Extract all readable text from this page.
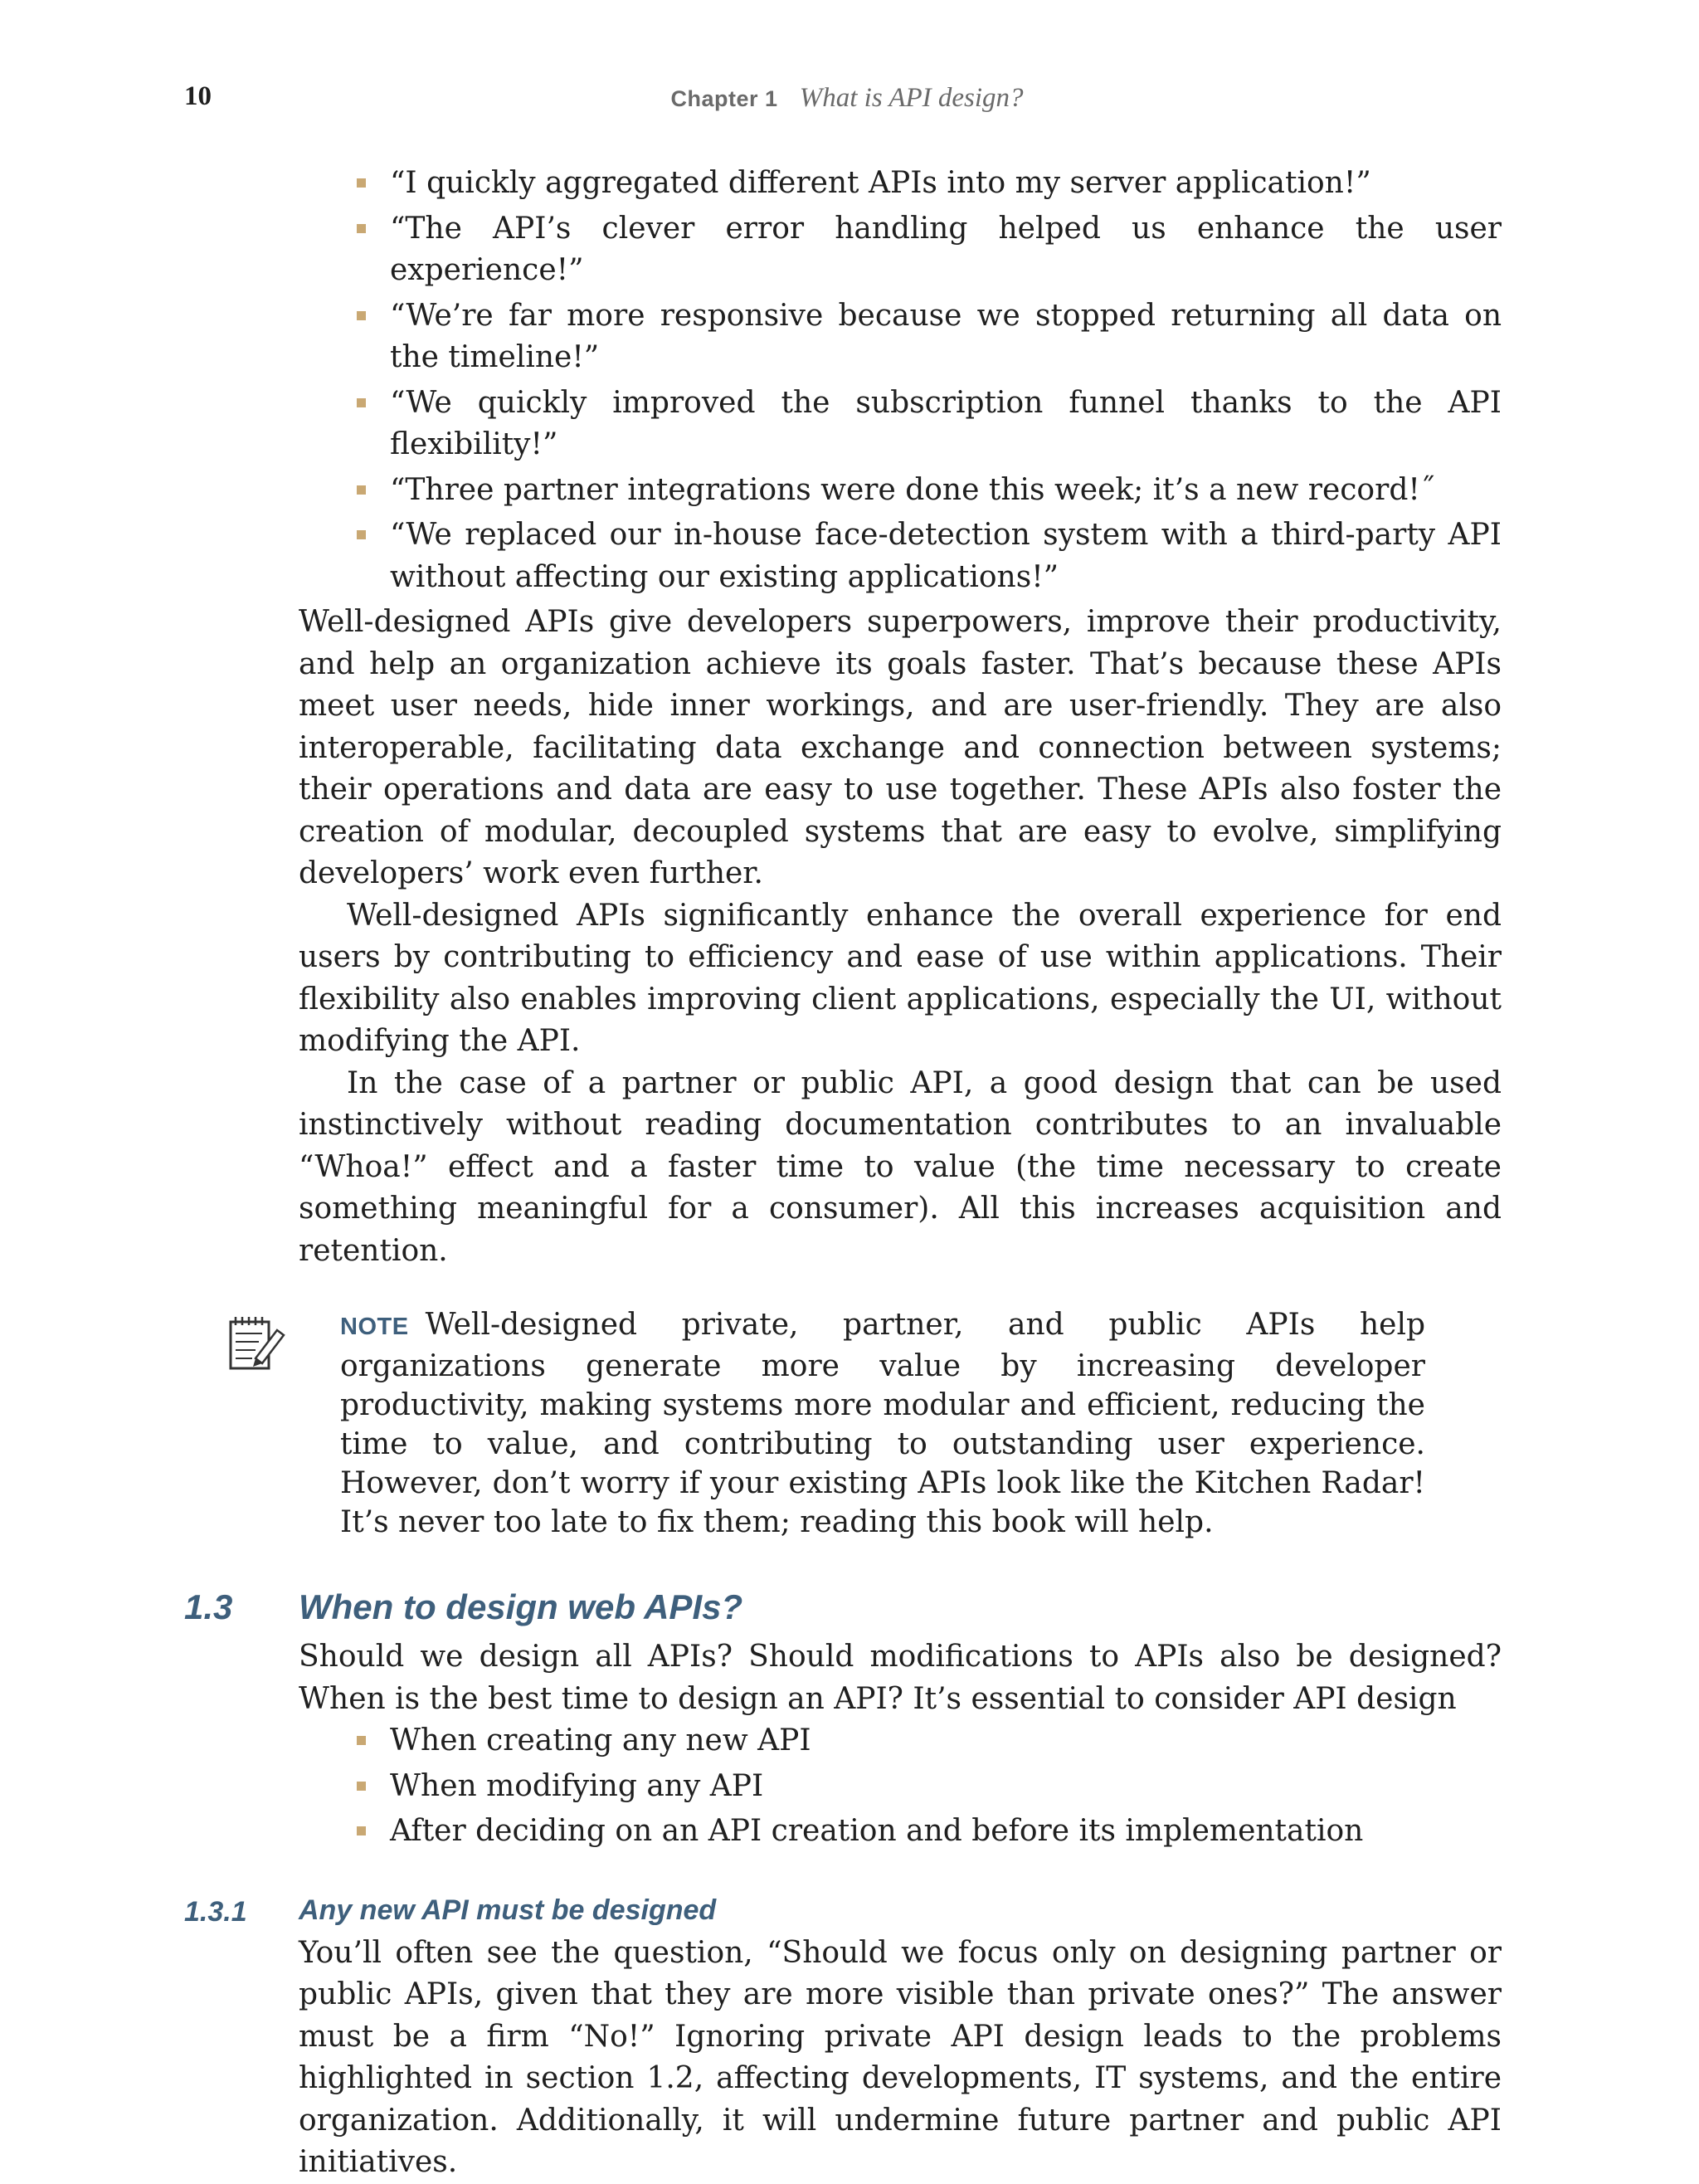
10	Chapter 1 What is API design?
“I quickly aggregated different APIs into my server application!”
“The API’s clever error handling helped us enhance the user experience!”
“We’re far more responsive because we stopped returning all data on the timeline!”
“We quickly improved the subscription funnel thanks to the API flexibility!”
“Three partner integrations were done this week; it’s a new record!˝
“We replaced our in-house face-detection system with a third-party API without affecting our existing applications!”

Well-designed APIs give developers superpowers, improve their productivity, and help an organization achieve its goals faster. That’s because these APIs meet user needs, hide inner workings, and are user-friendly. They are also interoperable, facilitating data exchange and connection between systems; their operations and data are easy to use together. These APIs also foster the creation of modular, decoupled systems that are easy to evolve, simplifying developers’ work even further.

Well-designed APIs significantly enhance the overall experience for end users by contributing to efficiency and ease of use within applications. Their flexibility also enables improving client applications, especially the UI, without modifying the API.

In the case of a partner or public API, a good design that can be used instinctively without reading documentation contributes to an invaluable “Whoa!” effect and a faster time to value (the time necessary to create something meaningful for a consumer). All this increases acquisition and retention.

NOTE Well-designed private, partner, and public APIs help organizations generate more value by increasing developer productivity, making systems more modular and efficient, reducing the time to value, and contributing to outstanding user experience. However, don’t worry if your existing APIs look like the Kitchen Radar! It’s never too late to fix them; reading this book will help.

1.3 When to design web APIs?

Should we design all APIs? Should modifications to APIs also be designed? When is the best time to design an API? It’s essential to consider API design

When creating any new API
When modifying any API
After deciding on an API creation and before its implementation
1.3.1 Any new API must be designed

You’ll often see the question, “Should we focus only on designing partner or public APIs, given that they are more visible than private ones?” The answer must be a firm “No!” Ignoring private API design leads to the problems highlighted in section 1.2, affecting developments, IT systems, and the entire organization. Additionally, it will undermine future partner and public API initiatives.
